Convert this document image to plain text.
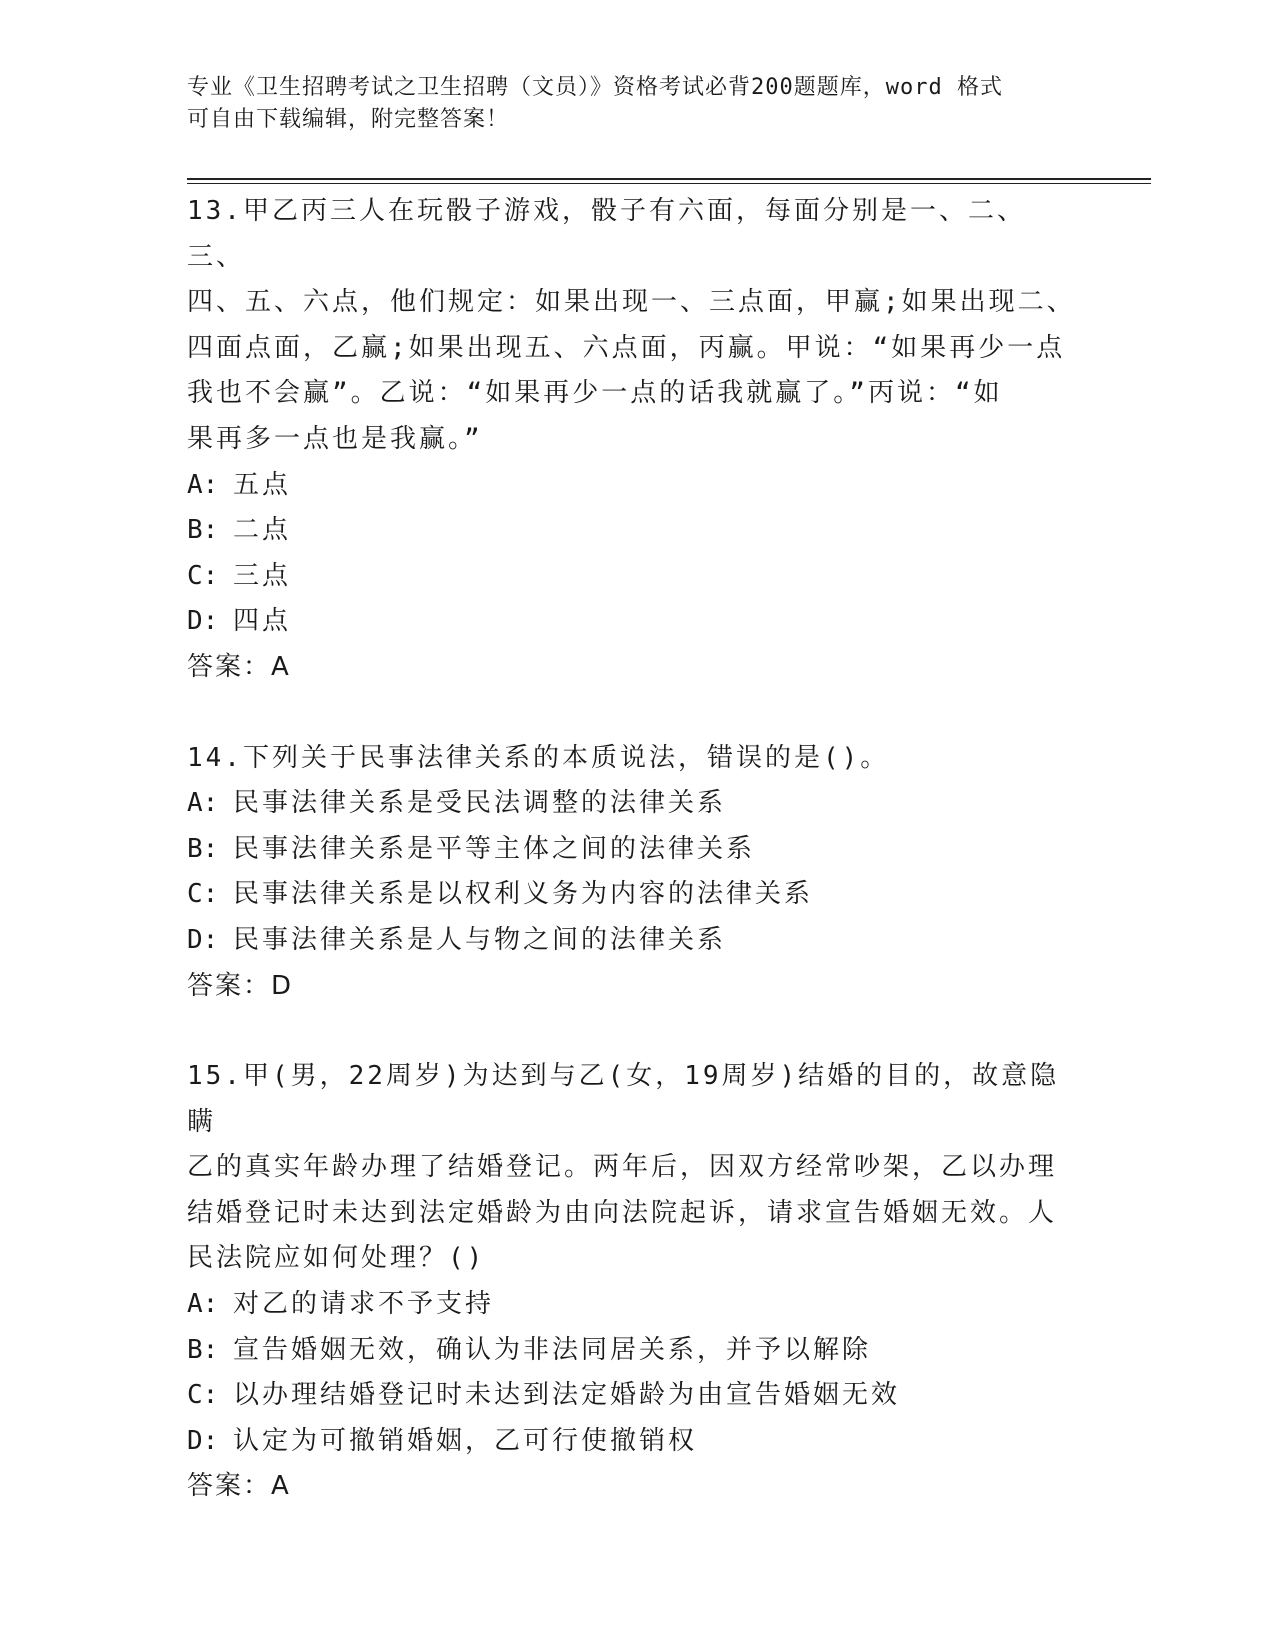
专业《卫生招聘考试之卫生招聘（文员）》资格考试必背200题题库，word 格式
可自由下载编辑，附完整答案！

13.甲乙丙三人在玩骰子游戏，骰子有六面，每面分别是一、二、三、

四、五、六点，他们规定：如果出现一、三点面，甲赢;如果出现二、

四面点面，乙赢;如果出现五、六点面，丙赢。甲说：“如果再少一点

我也不会赢”。乙说：“如果再少一点的话我就赢了。”丙说：“如

果再多一点也是我赢。”

A: 五点

B: 二点

C: 三点

D: 四点

答案：A

14.下列关于民事法律关系的本质说法，错误的是()。

A: 民事法律关系是受民法调整的法律关系

B: 民事法律关系是平等主体之间的法律关系

C: 民事法律关系是以权利义务为内容的法律关系

D: 民事法律关系是人与物之间的法律关系

答案：D

15.甲(男，22周岁)为达到与乙(女，19周岁)结婚的目的，故意隐瞒

乙的真实年龄办理了结婚登记。两年后，因双方经常吵架，乙以办理

结婚登记时未达到法定婚龄为由向法院起诉，请求宣告婚姻无效。人

民法院应如何处理？()

A: 对乙的请求不予支持

B: 宣告婚姻无效，确认为非法同居关系，并予以解除

C: 以办理结婚登记时未达到法定婚龄为由宣告婚姻无效

D: 认定为可撤销婚姻，乙可行使撤销权

答案：A
